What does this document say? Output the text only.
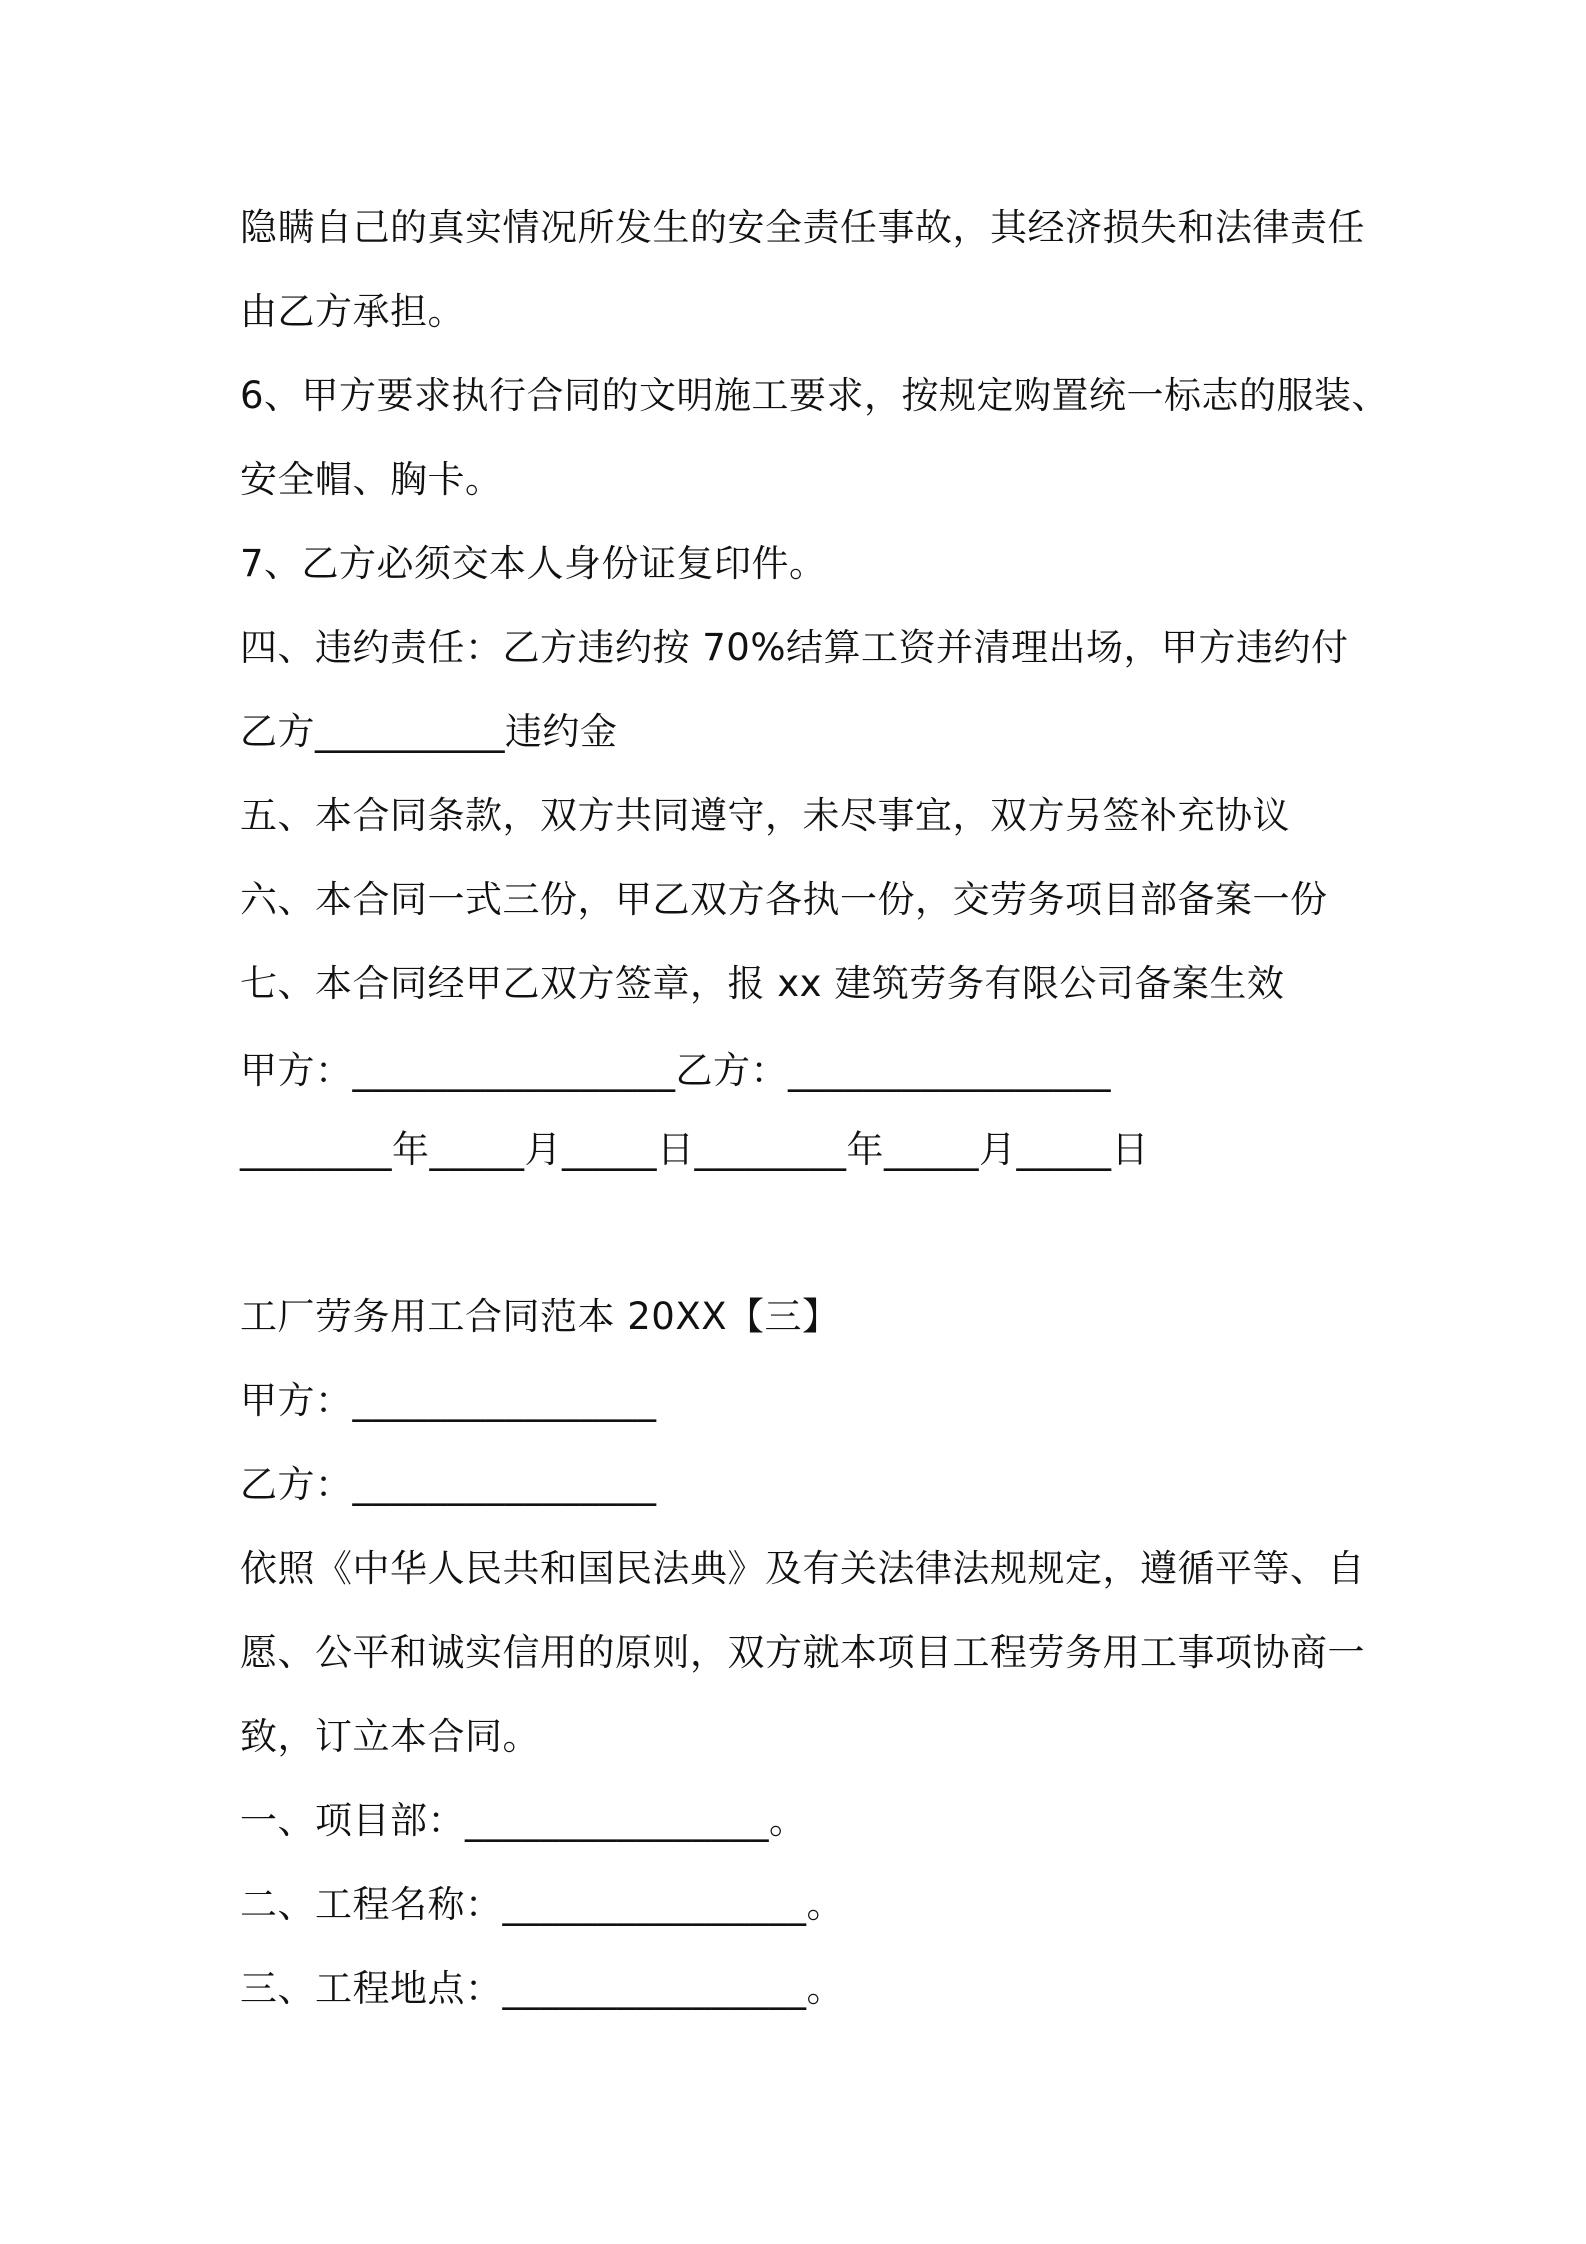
隐瞒自己的真实情况所发生的安全责任事故，其经济损失和法律责任
由乙方承担。
6、甲方要求执行合同的文明施工要求，按规定购置统一标志的服装、
安全帽、胸卡。
7、乙方必须交本人身份证复印件。
四、违约责任：乙方违约按 70%结算工资并清理出场，甲方违约付
乙方__________违约金
五、本合同条款，双方共同遵守，未尽事宜，双方另签补充协议
六、本合同一式三份，甲乙双方各执一份，交劳务项目部备案一份
七、本合同经甲乙双方签章，报 xx 建筑劳务有限公司备案生效
甲方：_________________乙方：_________________
________年_____月_____日________年_____月_____日
工厂劳务用工合同范本 20XX【三】
甲方：________________
乙方：________________
依照《中华人民共和国民法典》及有关法律法规规定，遵循平等、自
愿、公平和诚实信用的原则，双方就本项目工程劳务用工事项协商一
致，订立本合同。
一、项目部：________________。
二、工程名称：________________。
三、工程地点：________________。
